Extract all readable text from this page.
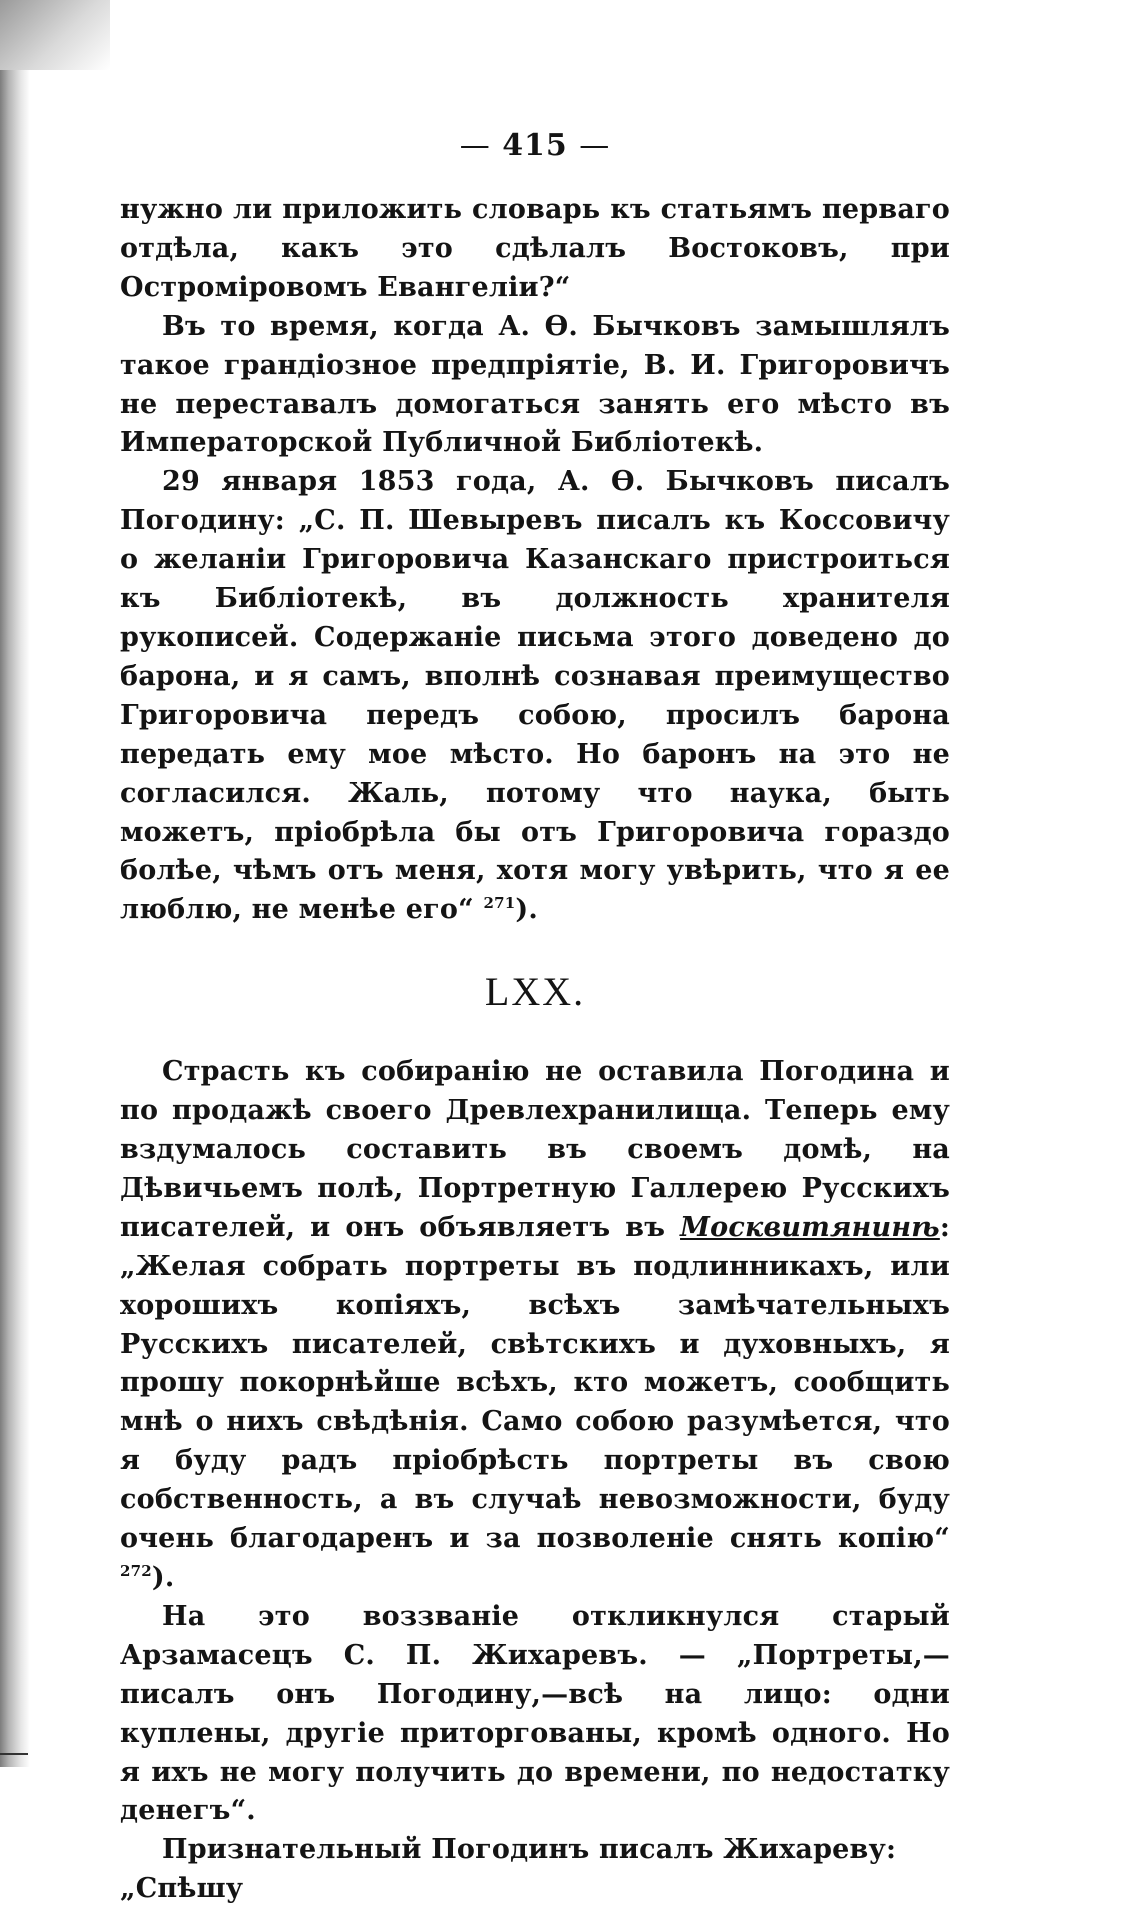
— 415 —

нужно ли приложить словарь къ статьямъ перваго отдѣла, какъ это сдѣлалъ Востоковъ, при Остроміровомъ Евангеліи?“

Въ то время, когда А. Ѳ. Бычковъ замышлялъ такое грандіозное предпріятіе, В. И. Григоровичъ не переставалъ домогаться занять его мѣсто въ Императорской Публичной Библіотекѣ.

29 января 1853 года, А. Ѳ. Бычковъ писалъ Погодину: „С. П. Шевыревъ писалъ къ Коссовичу о желаніи Григоровича Казанскаго пристроиться къ Библіотекѣ, въ должность хранителя рукописей. Содержаніе письма этого доведено до барона, и я самъ, вполнѣ сознавая преимущество Григоровича передъ собою, просилъ барона передать ему мое мѣсто. Но баронъ на это не согласился. Жаль, потому что наука, быть можетъ, пріобрѣла бы отъ Григоровича гораздо болѣе, чѣмъ отъ меня, хотя могу увѣрить, что я ее люблю, не менѣе его“ $^{271}$).

LXX.

Страсть къ собиранію не оставила Погодина и по продажѣ своего Древлехранилища. Теперь ему вздумалось составить въ своемъ домѣ, на Дѣвичьемъ полѣ, Портретную Галлерею Русскихъ писателей, и онъ объявляетъ въ Москвитянинѣ: „Желая собрать портреты въ подлинникахъ, или хорошихъ копіяхъ, всѣхъ замѣчательныхъ Русскихъ писателей, свѣтскихъ и духовныхъ, я прошу покорнѣйше всѣхъ, кто можетъ, сообщить мнѣ о нихъ свѣдѣнія. Само собою разумѣется, что я буду радъ пріобрѣсть портреты въ свою собственность, а въ случаѣ невозможности, буду очень благодаренъ и за позволеніе снять копію“ $^{272}$).

На это воззваніе откликнулся старый Арзамасецъ С. П. Жихаревъ. — „Портреты,—писалъ онъ Погодину,—всѣ на лицо: одни куплены, другіе приторгованы, кромѣ одного. Но я ихъ не могу получить до времени, по недостатку денегъ“.

Признательный Погодинъ писалъ Жихареву: „Спѣшу
